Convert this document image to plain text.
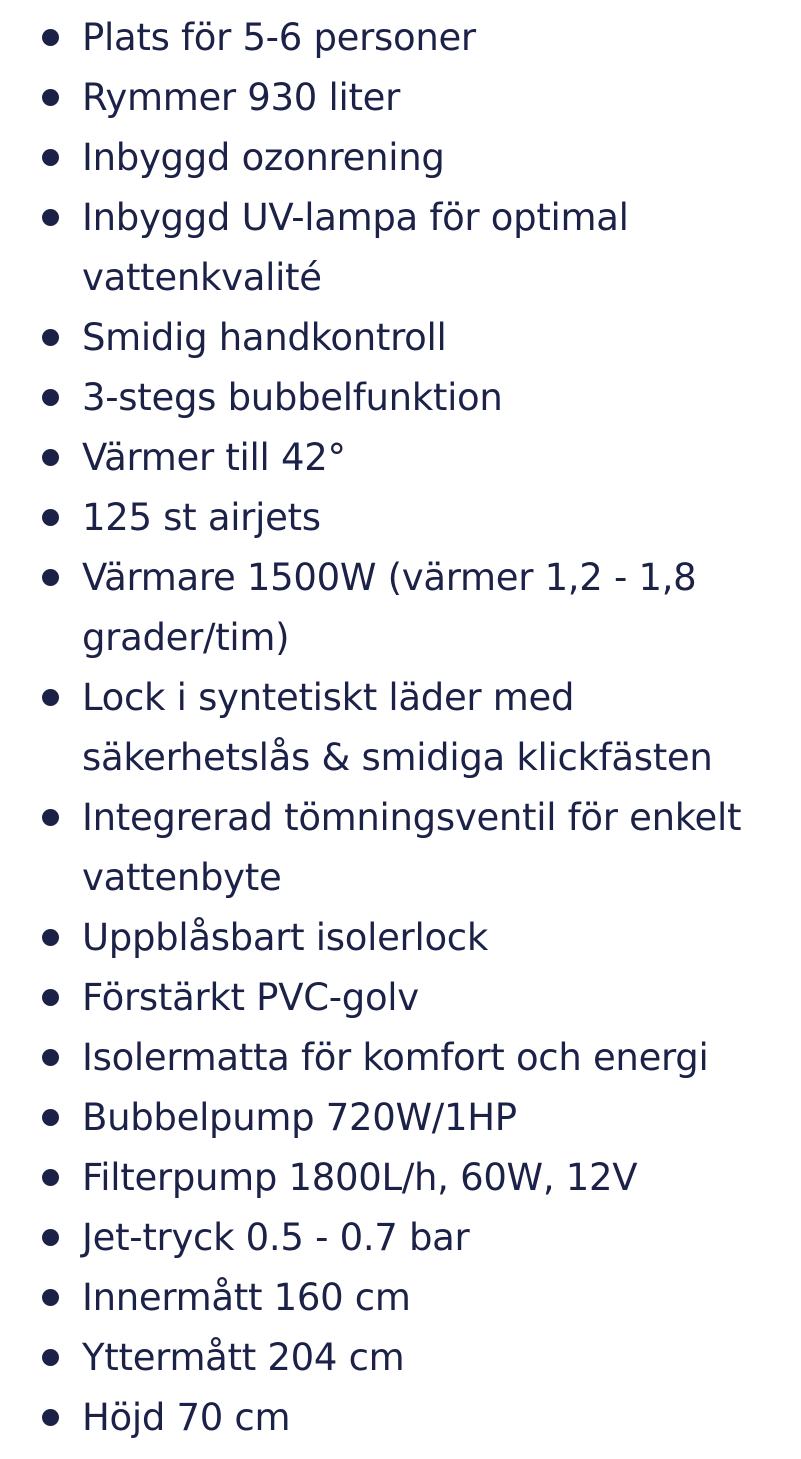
Plats för 5-6 personer
Rymmer 930 liter
Inbyggd ozonrening
Inbyggd UV-lampa för optimal vattenkvalité
Smidig handkontroll
3-stegs bubbelfunktion
Värmer till 42°
125 st airjets
Värmare 1500W (värmer 1,2 - 1,8 grader/tim)
Lock i syntetiskt läder med säkerhetslås & smidiga klickfästen
Integrerad tömningsventil för enkelt vattenbyte
Uppblåsbart isolerlock
Förstärkt PVC-golv
Isolermatta för komfort och energi
Bubbelpump 720W/1HP
Filterpump 1800L/h, 60W, 12V
Jet-tryck 0.5 - 0.7 bar
Innermått 160 cm
Yttermått 204 cm
Höjd 70 cm
